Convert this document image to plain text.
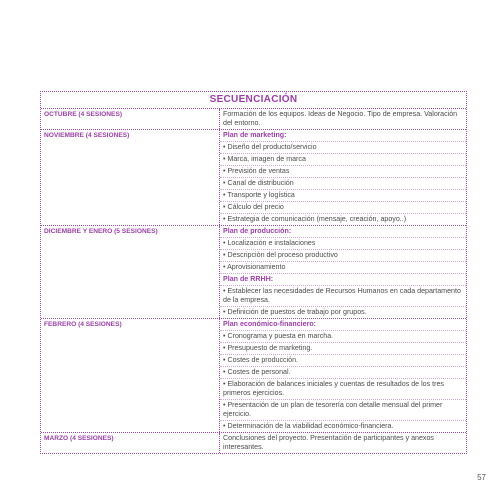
SECUENCIACIÓN
OCTUBRE (4 SESIONES)	Formación de los equipos. Ideas de Negocio. Tipo de empresa. Valoración del entorno.
NOVIEMBRE (4 SESIONES)	Plan de marketing:
• Diseño del producto/servicio
• Marca, imagen de marca
• Previsión de ventas
• Canal de distribución
• Transporte y logística
• Cálculo del precio
• Estrategia de comunicación (mensaje, creación, apoyo..)
DICIEMBRE Y ENERO (5 SESIONES)	Plan de producción:
• Localización e instalaciones
• Descripción del proceso productivo
• Aprovisionamiento
Plan de RRHH:
• Establecer las necesidades de Recursos Humanos en cada departamento de la empresa.
• Definición de puestos de trabajo por grupos.
FEBRERO (4 SESIONES)	Plan económico-financiero:
• Cronograma y puesta en marcha.
• Presupuesto de marketing.
• Costes de producción.
• Costes de personal.
• Elaboración de balances iniciales y cuentas de resultados de los tres primeros ejercicios.
• Presentación de un plan de tesorería con detalle mensual del primer ejercicio.
• Determinación de la viabilidad económico-financiera.
MARZO (4 SESIONES)	Conclusiones del proyecto. Presentación de participantes y anexos interesantes.
57
